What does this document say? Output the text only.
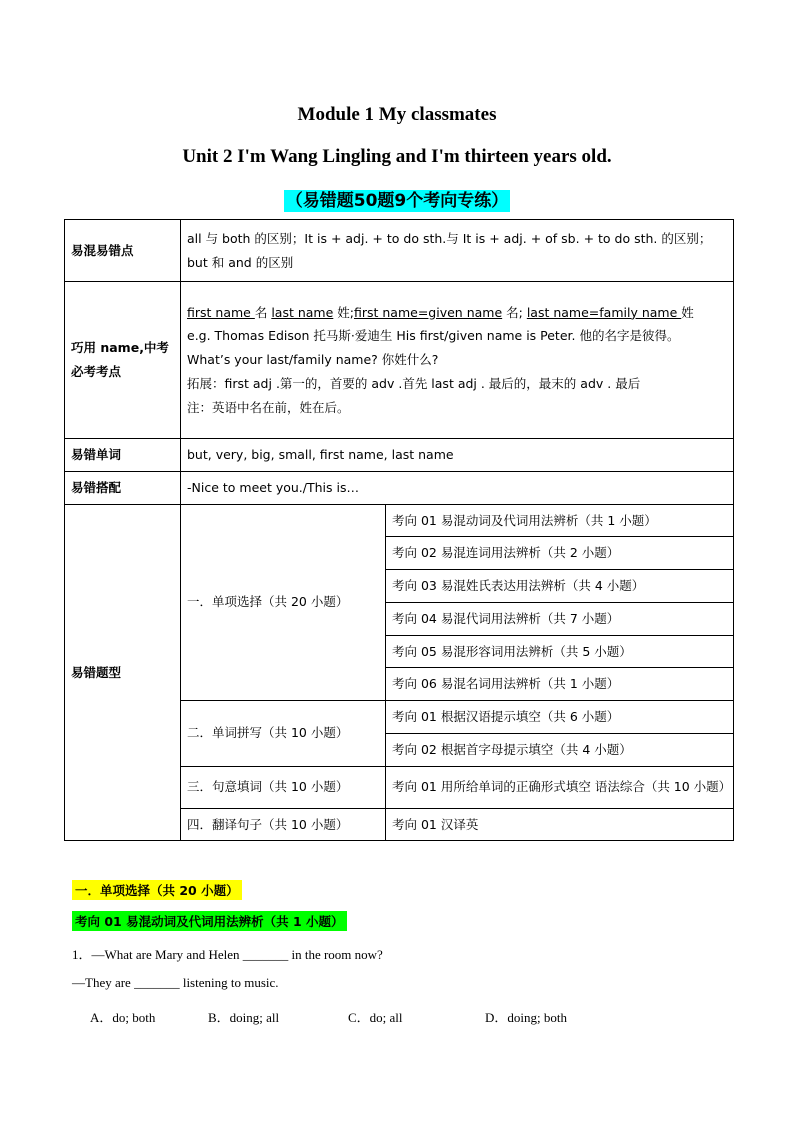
Module 1 My classmates
Unit 2 I'm Wang Lingling and I'm thirteen years old.
（易错题50题9个考向专练）
易混易错点	all 与 both 的区别；It is + adj. + to do sth.与 It is + adj. + of sb. + to do sth. 的区别； but 和 and 的区别	
巧用 name,中考必考考点	first name 名 last name 姓;first name=given name 名; last name=family name 姓
e.g. Thomas Edison 托马斯·爱迪生 His first/given name is Peter. 他的名字是彼得。
What’s your last/family name? 你姓什么?
拓展：first adj .第一的，首要的 adv .首先 last adj . 最后的，最末的 adv . 最后
注：英语中名在前，姓在后。	

易错单词	but, very, big, small, first name, last name	
易错搭配	-Nice to meet you./This is…	
易错题型	一．单项选择（共 20 小题）	考向 01 易混动词及代词用法辨析（共 1 小题）
		考向 02 易混连词用法辨析（共 2 小题）
		考向 03 易混姓氏表达用法辨析（共 4 小题）
		考向 04 易混代词用法辨析（共 7 小题）
		考向 05 易混形容词用法辨析（共 5 小题）
		考向 06 易混名词用法辨析（共 1 小题）
	二．单词拼写（共 10 小题）	考向 01 根据汉语提示填空（共 6 小题）
		考向 02 根据首字母提示填空（共 4 小题）
	三．句意填词（共 10 小题）	考向 01 用所给单词的正确形式填空 语法综合（共 10 小题）
	四．翻译句子（共 10 小题）	考向 01 汉译英
一．单项选择（共 20 小题）
考向 01 易混动词及代词用法辨析（共 1 小题）
1．—What are Mary and Helen _______ in the room now?
—They are _______ listening to music.
A．do; both	B．doing; all	C．do; all	D．doing; both
